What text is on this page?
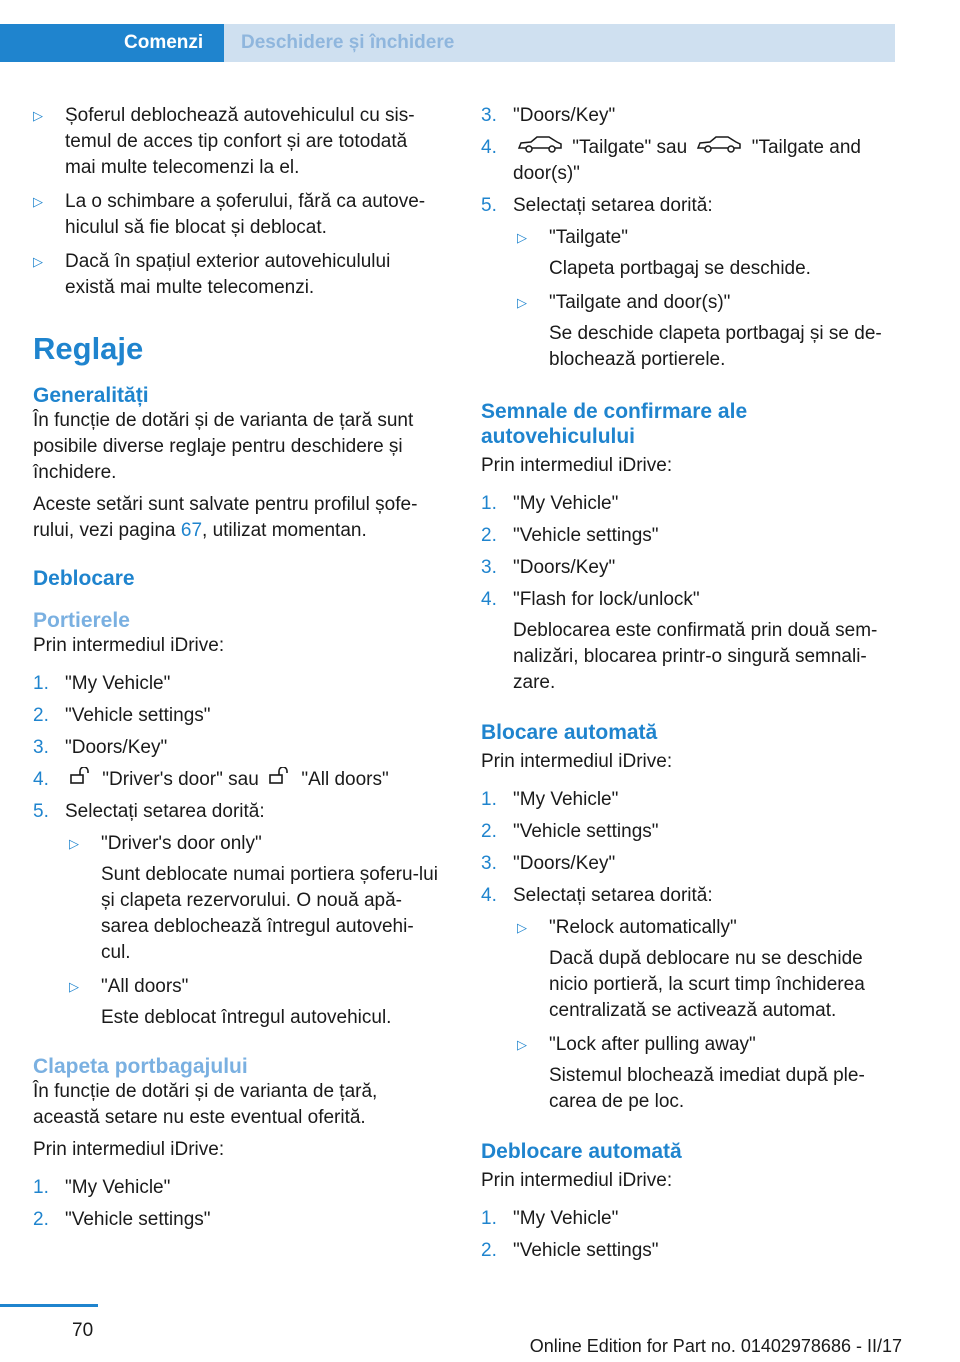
Comenzi	Deschidere și închidere
▷ Șoferul deblochează autovehiculul cu sis-temul de acces tip confort și are totodată mai multe telecomenzi la el.
▷ La o schimbare a șoferului, fără ca autove-hiculul să fie blocat și deblocat.
▷ Dacă în spațiul exterior autovehiculului există mai multe telecomenzi.
Reglaje
Generalități

În funcție de dotări și de varianta de țară sunt posibile diverse reglaje pentru deschidere și închidere.

Aceste setări sunt salvate pentru profilul șofe-rului, vezi pagina 67, utilizat momentan.

Deblocare
Portierele

Prin intermediul iDrive:

1. "My Vehicle"
2. "Vehicle settings"
3. "Doors/Key"
4.	"Driver's door" sau "All doors"
5. Selectați setarea dorită:
▷ "Driver's door only"
Sunt deblocate numai portiera șoferu-lui și clapeta rezervorului. O nouă apă-sarea deblochează întregul autovehi-cul.
▷ "All doors"
Este deblocat întregul autovehicul.
Clapeta portbagajului

În funcție de dotări și de varianta de țară, această setare nu este eventual oferită.

Prin intermediul iDrive:

1. "My Vehicle"
2. "Vehicle settings"
3. "Doors/Key"
4.	"Tailgate" sau	"Tailgate and door(s)"
5. Selectați setarea dorită:
▷ "Tailgate"
Clapeta portbagaj se deschide.
▷ "Tailgate and door(s)"
Se deschide clapeta portbagaj și se de-blochează portierele.
Semnale de confirmare ale autovehiculului

Prin intermediul iDrive:

1. "My Vehicle"
2. "Vehicle settings"
3. "Doors/Key"
4. "Flash for lock/unlock"
Deblocarea este confirmată prin două sem-nalizări, blocarea printr-o singură semnali-zare.
Blocare automată

Prin intermediul iDrive:

1. "My Vehicle"
2. "Vehicle settings"
3. "Doors/Key"
4. Selectați setarea dorită:
▷ "Relock automatically"
Dacă după deblocare nu se deschide nicio portieră, la scurt timp închiderea centralizată se activează automat.
▷ "Lock after pulling away"
Sistemul blochează imediat după ple-carea de pe loc.
Deblocare automată

Prin intermediul iDrive:

1. "My Vehicle"
2. "Vehicle settings"
70
Online Edition for Part no. 01402978686 - II/17
